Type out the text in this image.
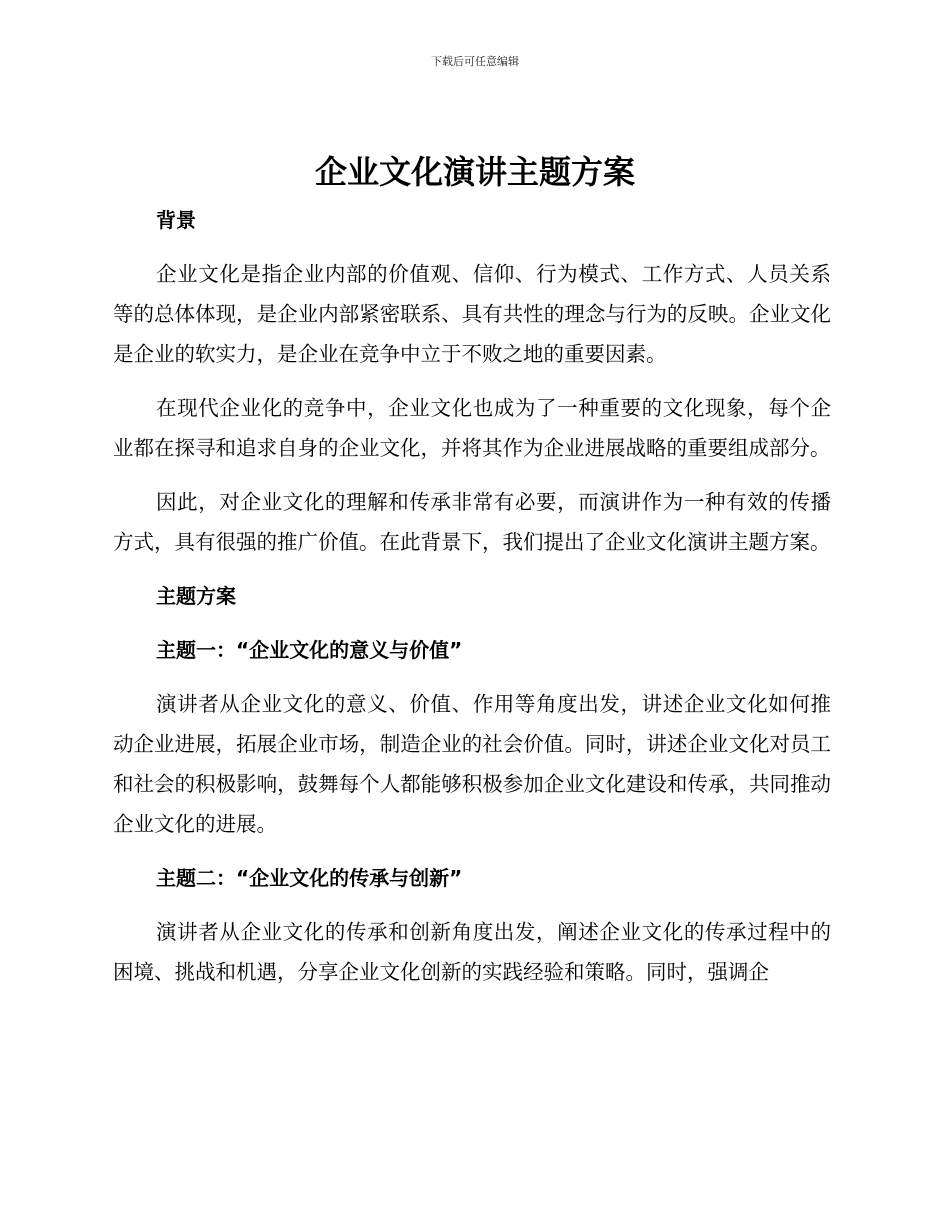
下载后可任意编辑
企业文化演讲主题方案

背景

企业文化是指企业内部的价值观、信仰、行为模式、工作方式、人员关系等的总体体现，是企业内部紧密联系、具有共性的理念与行为的反映。企业文化是企业的软实力，是企业在竞争中立于不败之地的重要因素。

在现代企业化的竞争中，企业文化也成为了一种重要的文化现象，每个企业都在探寻和追求自身的企业文化，并将其作为企业进展战略的重要组成部分。

因此，对企业文化的理解和传承非常有必要，而演讲作为一种有效的传播方式，具有很强的推广价值。在此背景下，我们提出了企业文化演讲主题方案。

主题方案

主题一：“企业文化的意义与价值”

演讲者从企业文化的意义、价值、作用等角度出发，讲述企业文化如何推动企业进展，拓展企业市场，制造企业的社会价值。同时，讲述企业文化对员工和社会的积极影响，鼓舞每个人都能够积极参加企业文化建设和传承，共同推动企业文化的进展。

主题二：“企业文化的传承与创新”

演讲者从企业文化的传承和创新角度出发，阐述企业文化的传承过程中的困境、挑战和机遇，分享企业文化创新的实践经验和策略。同时，强调企
